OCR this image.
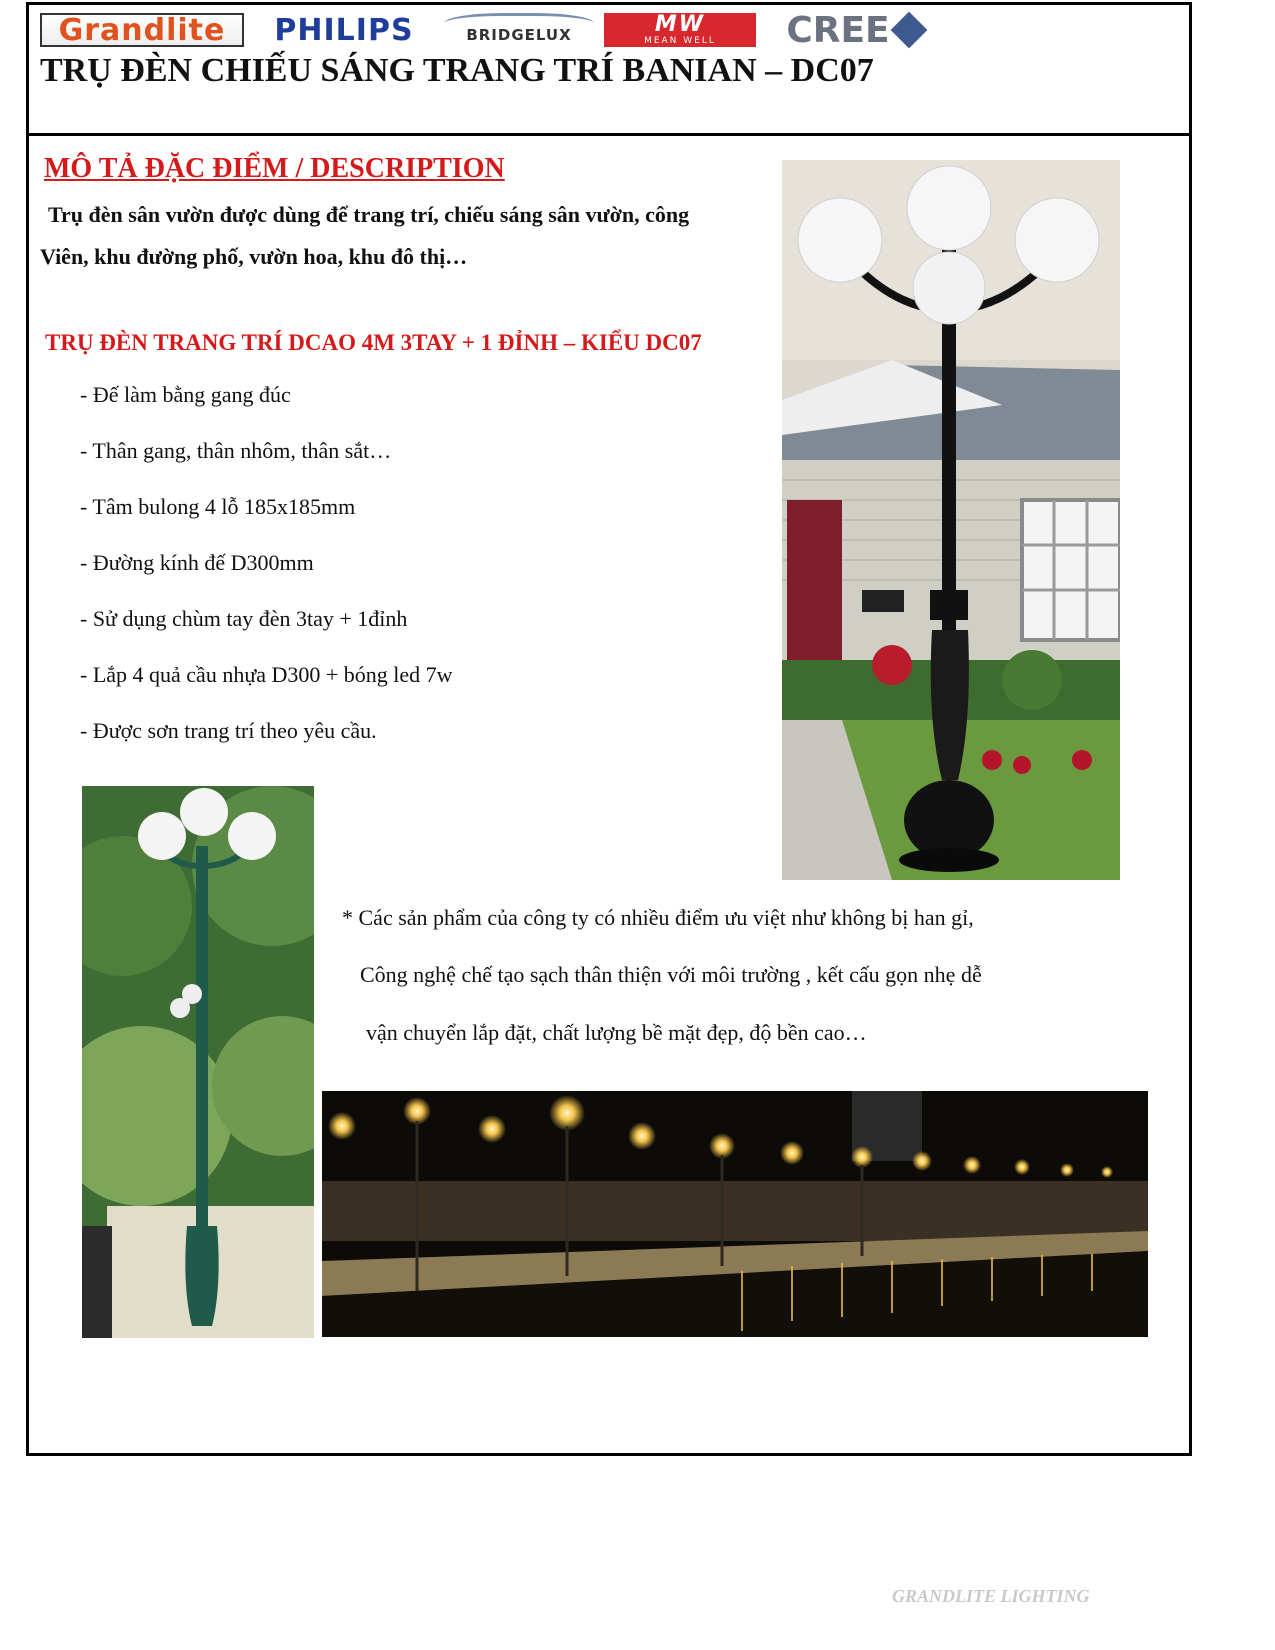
Grandlite	PHILIPS	BRIDGELUX	MW
MEAN WELL CREE
TRỤ ĐÈN CHIẾU SÁNG TRANG TRÍ BANIAN – DC07
MÔ TẢ ĐẶC ĐIỂM / DESCRIPTION
Trụ đèn sân vườn được dùng để trang trí, chiếu sáng sân vườn, công
Viên, khu đường phố, vườn hoa, khu đô thị…
TRỤ ĐÈN TRANG TRÍ DCAO 4M 3TAY + 1 ĐỈNH – KIỂU DC07
- Đế làm bằng gang đúc
- Thân gang, thân nhôm, thân sắt…
- Tâm bulong 4 lỗ 185x185mm
- Đường kính đế D300mm
- Sử dụng chùm tay đèn 3tay + 1đỉnh
- Lắp 4 quả cầu nhựa D300 + bóng led 7w
- Được sơn trang trí theo yêu cầu.
* Các sản phẩm của công ty có nhiều điểm ưu việt như không bị han gỉ,
Công nghệ chế tạo sạch thân thiện với môi trường , kết cấu gọn nhẹ dễ
vận chuyển lắp đặt, chất lượng bề mặt đẹp, độ bền cao…
GRANDLITE LIGHTING
